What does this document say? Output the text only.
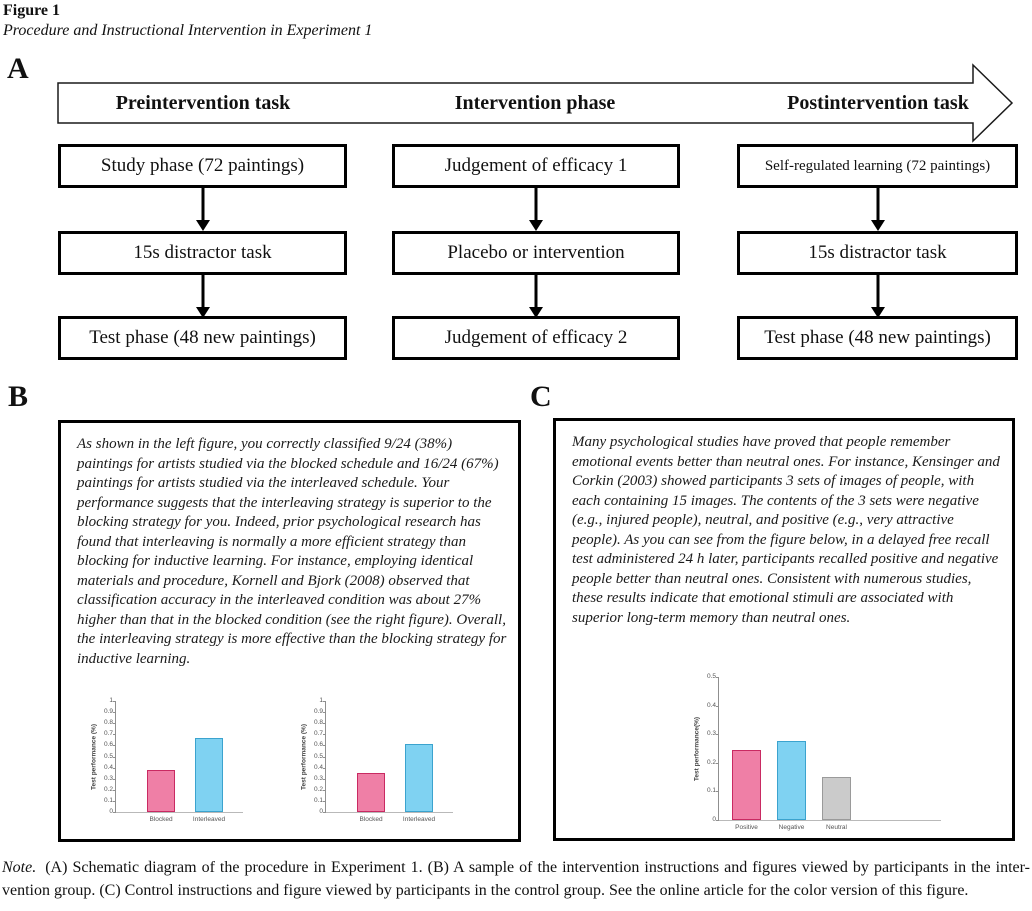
Figure 1
Procedure and Instructional Intervention in Experiment 1
A
Preintervention task	Intervention phase	Postintervention task
Study phase (72 paintings)
15s distractor task
Test phase (48 new paintings)
Judgement of efficacy 1
Placebo or intervention
Judgement of efficacy 2
Self-regulated learning (72 paintings)
15s distractor task
Test phase (48 new paintings)
B	C
As shown in the left figure, you correctly classified 9/24 (38%) paintings for artists studied via the blocked schedule and 16/24 (67%) paintings for artists studied via the interleaved schedule. Your performance suggests that the interleaving strategy is superior to the blocking strategy for you. Indeed, prior psychological research has found that interleaving is normally a more efficient strategy than blocking for inductive learning. For instance, employing identical materials and procedure, Kornell and Bjork (2008) observed that classification accuracy in the interleaved condition was about 27% higher than that in the blocked condition (see the right figure). Overall, the interleaving strategy is more effective than the blocking strategy for inductive learning.
Many psychological studies have proved that people remember emotional events better than neutral ones. For instance, Kensinger and Corkin (2003) showed participants 3 sets of images of people, with each containing 15 images. The contents of the 3 sets were negative (e.g., injured people), neutral, and positive (e.g., very attractive people). As you can see from the figure below, in a delayed free recall test administered 24 h later, participants recalled positive and negative people better than neutral ones. Consistent with numerous studies, these results indicate that emotional stimuli are associated with superior long-term memory than neutral ones.
Test performance (%)
0
0.1
0.2
0.3
0.4
0.5
0.6
0.7
0.8
0.9
1
Blocked	Interleaved
Test performance (%)
0
0.1
0.2
0.3
0.4
0.5
0.6
0.7
0.8
0.9
1
Blocked	Interleaved
Test performance(%)
0
0.1
0.2
0.3
0.4
0.5
Positive	Negative	Neutral
Note. (A) Schematic diagram of the procedure in Experiment 1. (B) A sample of the intervention instructions and figures viewed by participants in the inter-
vention group. (C) Control instructions and figure viewed by participants in the control group. See the online article for the color version of this figure.
